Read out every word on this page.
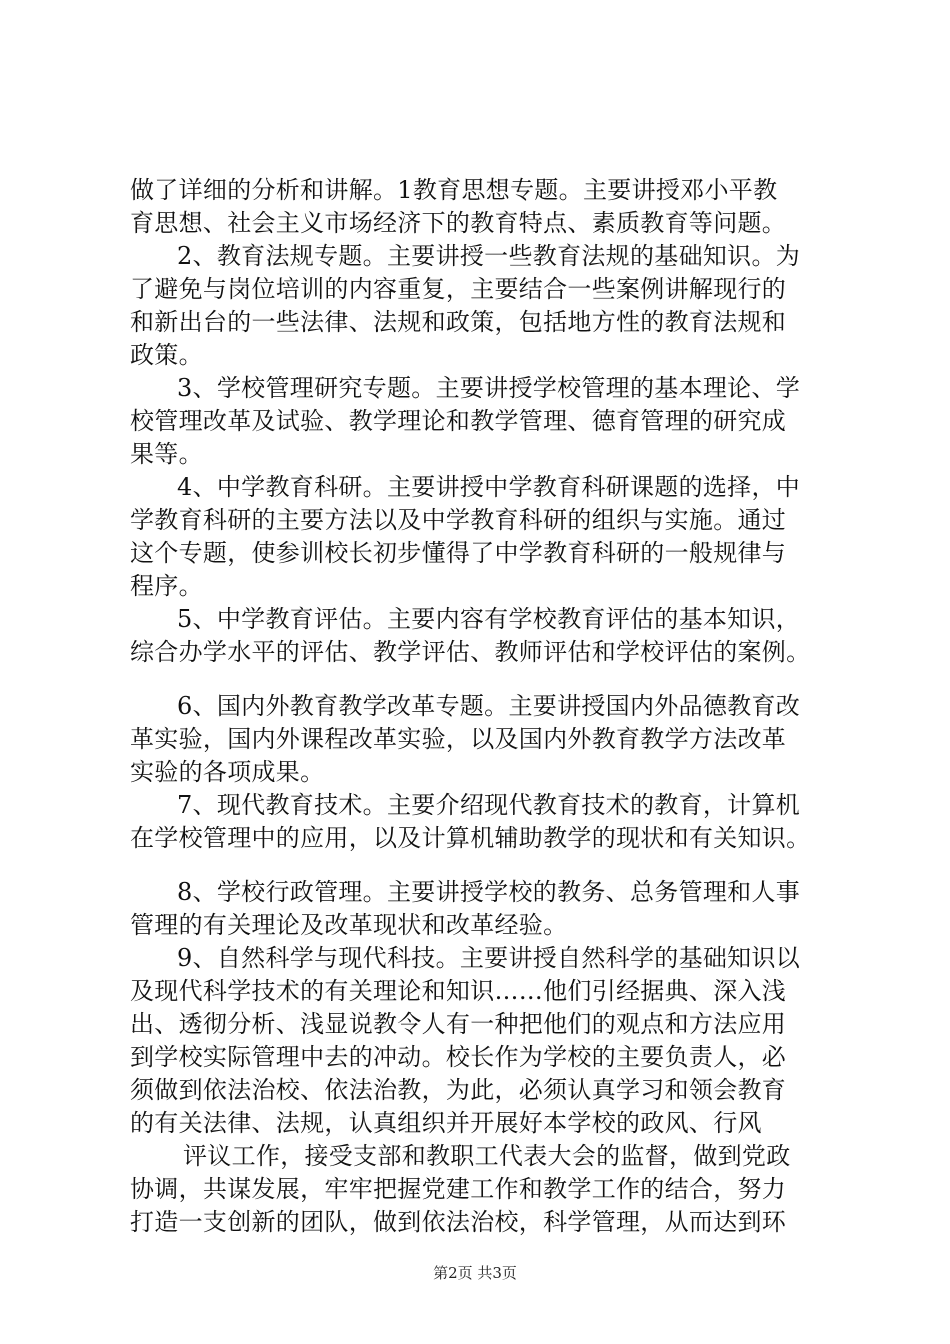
做了详细的分析和讲解。1教育思想专题。主要讲授邓小平教
育思想、社会主义市场经济下的教育特点、素质教育等问题。
2、教育法规专题。主要讲授一些教育法规的基础知识。为
了避免与岗位培训的内容重复，主要结合一些案例讲解现行的
和新出台的一些法律、法规和政策，包括地方性的教育法规和
政策。
3、学校管理研究专题。主要讲授学校管理的基本理论、学
校管理改革及试验、教学理论和教学管理、德育管理的研究成
果等。
4、中学教育科研。主要讲授中学教育科研课题的选择，中
学教育科研的主要方法以及中学教育科研的组织与实施。通过
这个专题，使参训校长初步懂得了中学教育科研的一般规律与
程序。
5、中学教育评估。主要内容有学校教育评估的基本知识，
综合办学水平的评估、教学评估、教师评估和学校评估的案例。
6、国内外教育教学改革专题。主要讲授国内外品德教育改
革实验，国内外课程改革实验，以及国内外教育教学方法改革
实验的各项成果。
7、现代教育技术。主要介绍现代教育技术的教育，计算机
在学校管理中的应用，以及计算机辅助教学的现状和有关知识。
8、学校行政管理。主要讲授学校的教务、总务管理和人事
管理的有关理论及改革现状和改革经验。
9、自然科学与现代科技。主要讲授自然科学的基础知识以
及现代科学技术的有关理论和知识……他们引经据典、深入浅
出、透彻分析、浅显说教令人有一种把他们的观点和方法应用
到学校实际管理中去的冲动。校长作为学校的主要负责人，必
须做到依法治校、依法治教，为此，必须认真学习和领会教育
的有关法律、法规，认真组织并开展好本学校的政风、行风
评议工作，接受支部和教职工代表大会的监督，做到党政
协调，共谋发展，牢牢把握党建工作和教学工作的结合，努力
打造一支创新的团队，做到依法治校，科学管理，从而达到环
第2页 共3页
